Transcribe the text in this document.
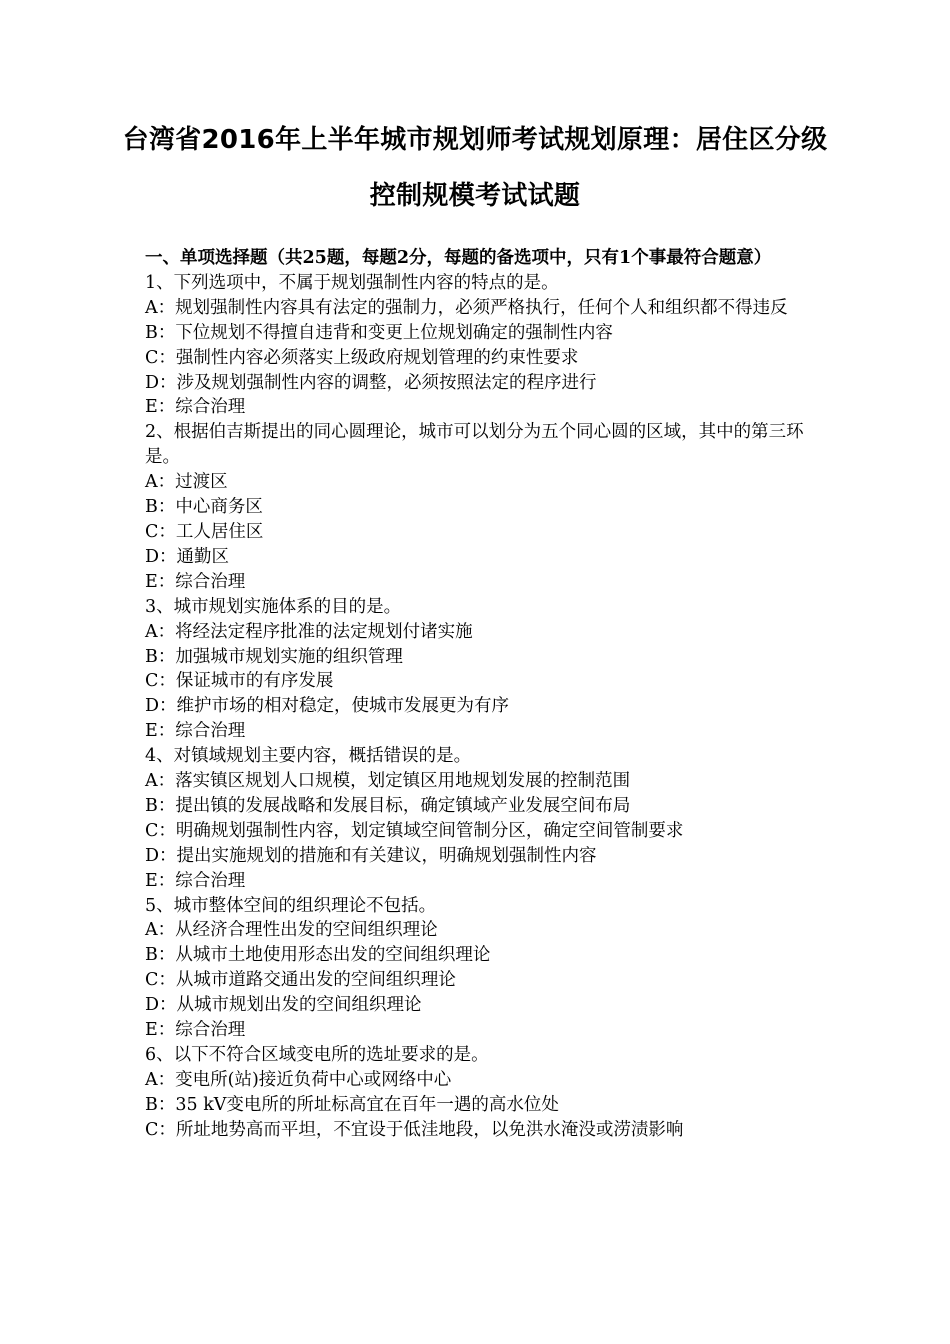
台湾省2016年上半年城市规划师考试规划原理：居住区分级控制规模考试试题
一、单项选择题（共25题，每题2分，每题的备选项中，只有1个事最符合题意）
1、下列选项中，不属于规划强制性内容的特点的是。
A：规划强制性内容具有法定的强制力，必须严格执行，任何个人和组织都不得违反
B：下位规划不得擅自违背和变更上位规划确定的强制性内容
C：强制性内容必须落实上级政府规划管理的约束性要求
D：涉及规划强制性内容的调整，必须按照法定的程序进行
E：综合治理
2、根据伯吉斯提出的同心圆理论，城市可以划分为五个同心圆的区域，其中的第三环是。
A：过渡区
B：中心商务区
C：工人居住区
D：通勤区
E：综合治理
3、城市规划实施体系的目的是。
A：将经法定程序批准的法定规划付诸实施
B：加强城市规划实施的组织管理
C：保证城市的有序发展
D：维护市场的相对稳定，使城市发展更为有序
E：综合治理
4、对镇域规划主要内容，概括错误的是。
A：落实镇区规划人口规模，划定镇区用地规划发展的控制范围
B：提出镇的发展战略和发展目标，确定镇域产业发展空间布局
C：明确规划强制性内容，划定镇域空间管制分区，确定空间管制要求
D：提出实施规划的措施和有关建议，明确规划强制性内容
E：综合治理
5、城市整体空间的组织理论不包括。
A：从经济合理性出发的空间组织理论
B：从城市土地使用形态出发的空间组织理论
C：从城市道路交通出发的空间组织理论
D：从城市规划出发的空间组织理论
E：综合治理
6、以下不符合区域变电所的选址要求的是。
A：变电所(站)接近负荷中心或网络中心
B：35 kV变电所的所址标高宜在百年一遇的高水位处
C：所址地势高而平坦，不宜设于低洼地段，以免洪水淹没或涝渍影响
